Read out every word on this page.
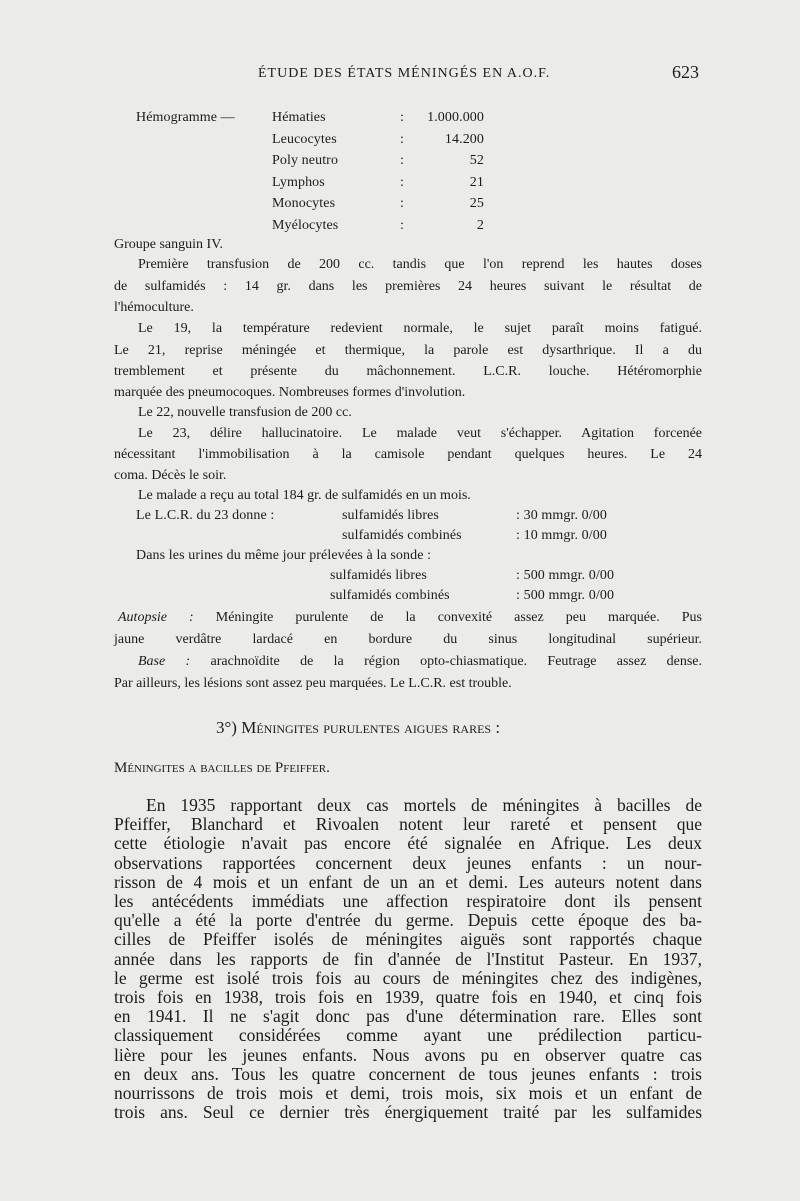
ÉTUDE DES ÉTATS MÉNINGÉS EN A.O.F.	623
Hémogramme —	Hématies	:	1.000.000
Leucocytes	:	14.200
Poly neutro	:	52
Lymphos	:	21
Monocytes	:	25
Myélocytes	:	2
Groupe sanguin IV.
Première transfusion de 200 cc. tandis que l'on reprend les hautes doses
de sulfamidés : 14 gr. dans les premières 24 heures suivant le résultat de
l'hémoculture.
Le 19, la température redevient normale, le sujet paraît moins fatigué.
Le 21, reprise méningée et thermique, la parole est dysarthrique. Il a du
tremblement et présente du mâchonnement. L.C.R. louche. Hétéromorphie
marquée des pneumocoques. Nombreuses formes d'involution.
Le 22, nouvelle transfusion de 200 cc.
Le 23, délire hallucinatoire. Le malade veut s'échapper. Agitation forcenée
nécessitant l'immobilisation à la camisole pendant quelques heures. Le 24
coma. Décès le soir.
Le malade a reçu au total 184 gr. de sulfamidés en un mois.
Le L.C.R. du 23 donne :	sulfamidés libres	: 30 mmgr. 0/00
sulfamidés combinés	: 10 mmgr. 0/00
Dans les urines du même jour prélevées à la sonde :
sulfamidés libres	: 500 mmgr. 0/00
sulfamidés combinés	: 500 mmgr. 0/00
Autopsie : Méningite purulente de la convexité assez peu marquée. Pus
jaune verdâtre lardacé en bordure du sinus longitudinal supérieur.
Base : arachnoïdite de la région opto-chiasmatique. Feutrage assez dense.
Par ailleurs, les lésions sont assez peu marquées. Le L.C.R. est trouble.
3°) Méningites purulentes aigues rares :
Méningites a bacilles de Pfeiffer.
En 1935 rapportant deux cas mortels de méningites à bacilles de
Pfeiffer, Blanchard et Rivoalen notent leur rareté et pensent que
cette étiologie n'avait pas encore été signalée en Afrique. Les deux
observations rapportées concernent deux jeunes enfants : un nour-
risson de 4 mois et un enfant de un an et demi. Les auteurs notent dans
les antécédents immédiats une affection respiratoire dont ils pensent
qu'elle a été la porte d'entrée du germe. Depuis cette époque des ba-
cilles de Pfeiffer isolés de méningites aiguës sont rapportés chaque
année dans les rapports de fin d'année de l'Institut Pasteur. En 1937,
le germe est isolé trois fois au cours de méningites chez des indigènes,
trois fois en 1938, trois fois en 1939, quatre fois en 1940, et cinq fois
en 1941. Il ne s'agit donc pas d'une détermination rare. Elles sont
classiquement considérées comme ayant une prédilection particu-
lière pour les jeunes enfants. Nous avons pu en observer quatre cas
en deux ans. Tous les quatre concernent de tous jeunes enfants : trois
nourrissons de trois mois et demi, trois mois, six mois et un enfant de
trois ans. Seul ce dernier très énergiquement traité par les sulfamides
